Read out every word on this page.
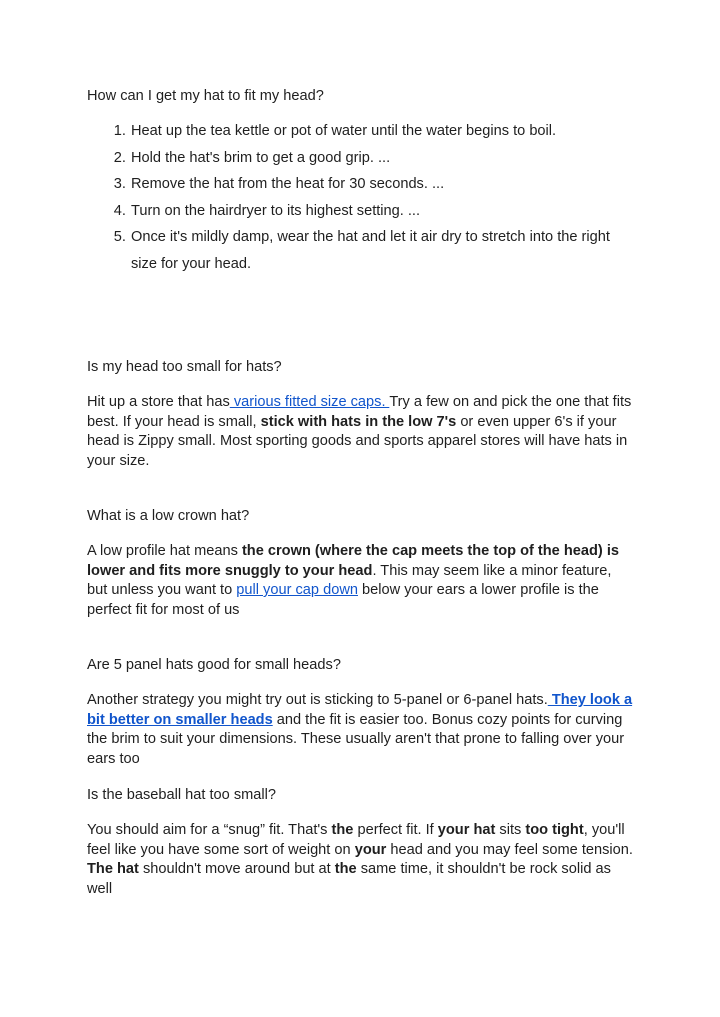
How can I get my hat to fit my head?

1. Heat up the tea kettle or pot of water until the water begins to boil.
2. Hold the hat's brim to get a good grip. ...
3. Remove the hat from the heat for 30 seconds. ...
4. Turn on the hairdryer to its highest setting. ...
5. Once it's mildly damp, wear the hat and let it air dry to stretch into the right size for your head.

Is my head too small for hats?

Hit up a store that has various fitted size caps. Try a few on and pick the one that fits best. If your head is small, stick with hats in the low 7's or even upper 6's if your head is Zippy small. Most sporting goods and sports apparel stores will have hats in your size.

What is a low crown hat?

A low profile hat means the crown (where the cap meets the top of the head) is lower and fits more snuggly to your head. This may seem like a minor feature, but unless you want to pull your cap down below your ears a lower profile is the perfect fit for most of us

Are 5 panel hats good for small heads?

Another strategy you might try out is sticking to 5-panel or 6-panel hats. They look a bit better on smaller heads and the fit is easier too. Bonus cozy points for curving the brim to suit your dimensions. These usually aren't that prone to falling over your ears too

Is the baseball hat too small?

You should aim for a “snug” fit. That's the perfect fit. If your hat sits too tight, you'll feel like you have some sort of weight on your head and you may feel some tension. The hat shouldn't move around but at the same time, it shouldn't be rock solid as well
